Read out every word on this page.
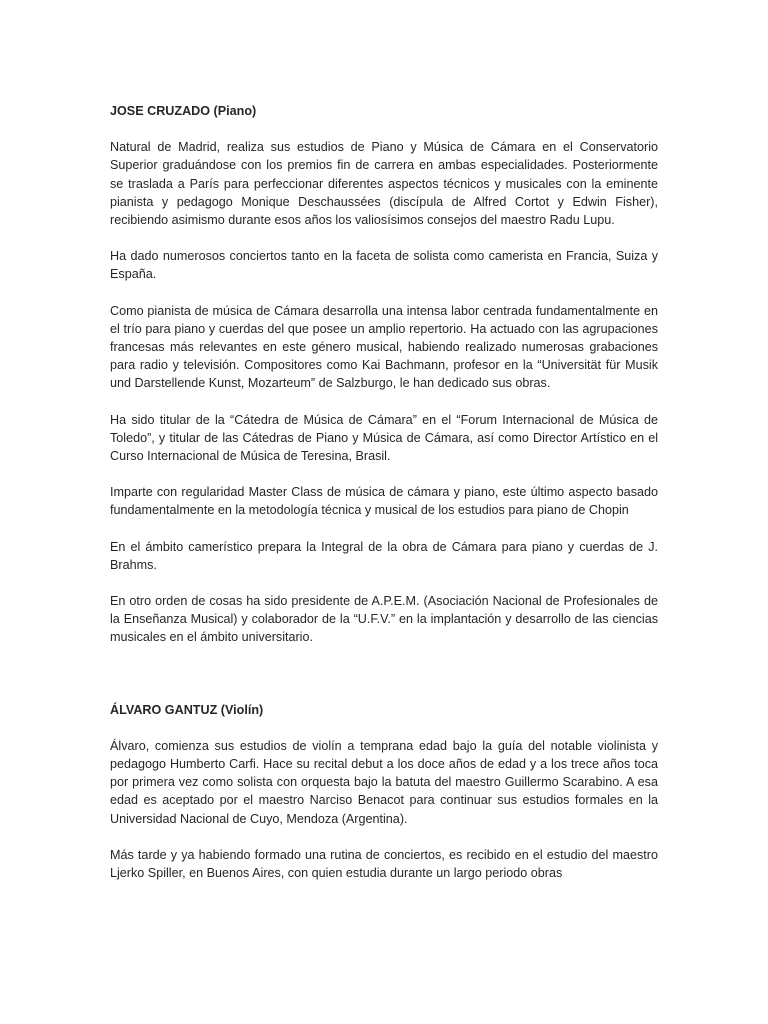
JOSE CRUZADO (Piano)
Natural de Madrid, realiza sus estudios de Piano y Música de Cámara en el Conservatorio Superior graduándose con los premios fin de carrera en ambas especialidades. Posteriormente se traslada a París para perfeccionar diferentes aspectos técnicos y musicales con la eminente pianista y pedagogo Monique Deschaussées (discípula de Alfred Cortot y Edwin Fisher), recibiendo asimismo durante esos años los valiosísimos consejos del maestro Radu Lupu.
Ha dado numerosos conciertos tanto en la faceta de solista como camerista en Francia, Suiza y España.
Como pianista de música de Cámara desarrolla una intensa labor centrada fundamentalmente en el trío para piano y cuerdas del que posee un amplio repertorio. Ha actuado con las agrupaciones francesas más relevantes en este género musical, habiendo realizado numerosas grabaciones para radio y televisión. Compositores como Kai Bachmann, profesor en la “Universität für Musik und Darstellende Kunst, Mozarteum” de Salzburgo, le han dedicado sus obras.
Ha sido titular de la “Cátedra de Música de Cámara” en el “Forum Internacional de Música de Toledo”, y titular de las Cátedras de Piano y Música de Cámara, así como Director Artístico en el Curso Internacional de Música de Teresina, Brasil.
Imparte con regularidad Master Class de música de cámara y piano, este último aspecto basado fundamentalmente en la metodología técnica y musical de los estudios para piano de Chopin
En el ámbito camerístico prepara la Integral de la obra de Cámara para piano y cuerdas de J. Brahms.
En otro orden de cosas ha sido presidente de A.P.E.M. (Asociación Nacional de Profesionales de la Enseñanza Musical) y colaborador de la “U.F.V.” en la implantación y desarrollo de las ciencias musicales en el ámbito universitario.
ÁLVARO GANTUZ (Violín)
Álvaro, comienza sus estudios de violín a temprana edad bajo la guía del notable violinista y pedagogo Humberto Carfi. Hace su recital debut a los doce años de edad y a los trece años toca por primera vez como solista con orquesta bajo la batuta del maestro Guillermo Scarabino. A esa edad es aceptado por el maestro Narciso Benacot para continuar sus estudios formales en la Universidad Nacional de Cuyo, Mendoza (Argentina).
Más tarde y ya habiendo formado una rutina de conciertos, es recibido en el estudio del maestro Ljerko Spiller, en Buenos Aires, con quien estudia durante un largo periodo obras
